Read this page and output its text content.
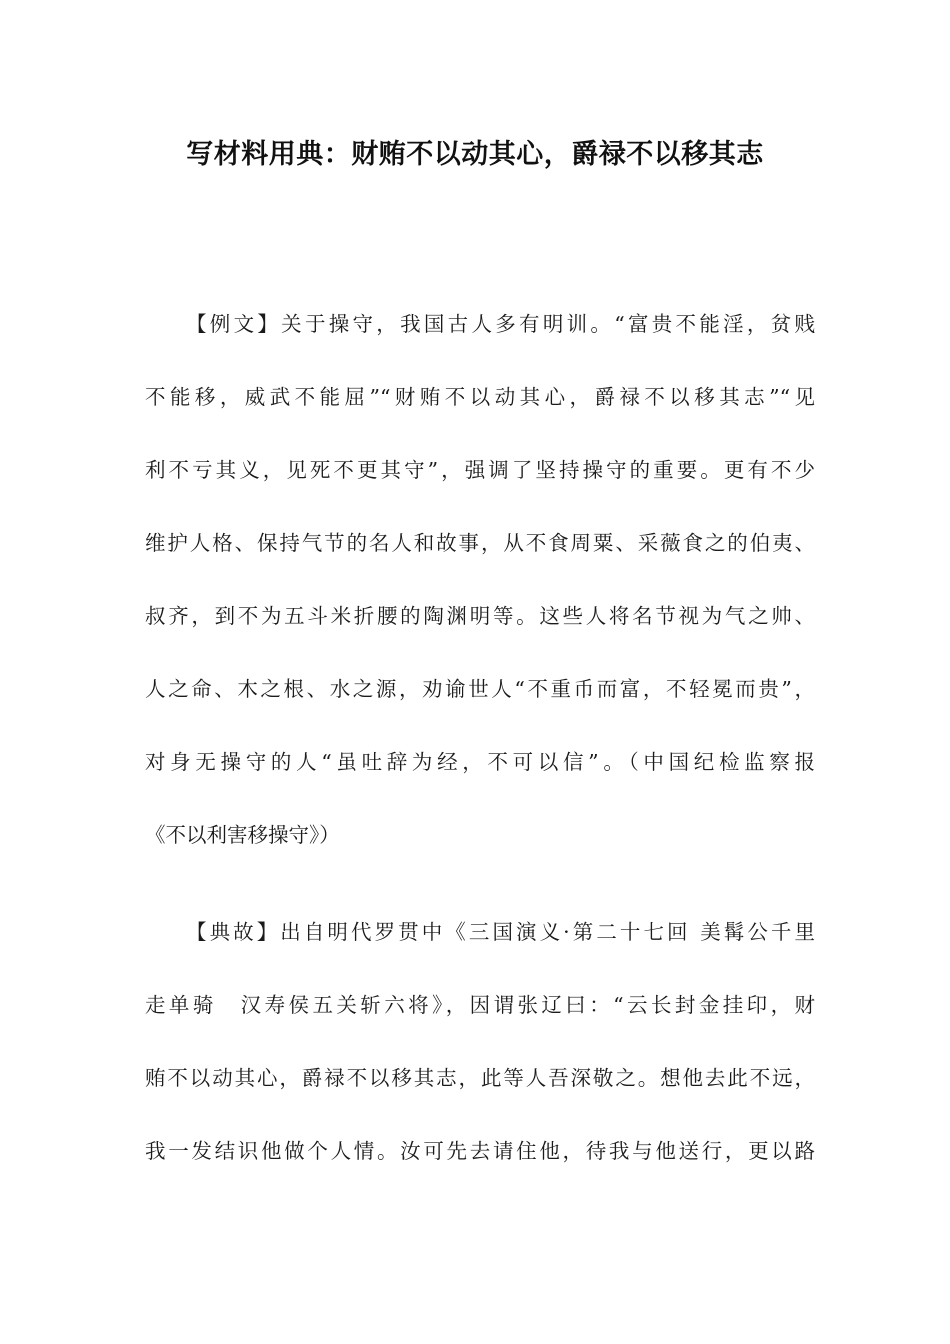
写材料用典：财贿不以动其心，爵禄不以移其志
【例文】关于操守，我国古人多有明训。“富贵不能淫，贫贱
不能移，威武不能屈”“财贿不以动其心，爵禄不以移其志”“见
利不亏其义，见死不更其守”，强调了坚持操守的重要。更有不少
维护人格、保持气节的名人和故事，从不食周粟、采薇食之的伯夷、
叔齐，到不为五斗米折腰的陶渊明等。这些人将名节视为气之帅、
人之命、木之根、水之源，劝谕世人“不重币而富，不轻冕而贵”，
对身无操守的人“虽吐辞为经，不可以信”。（中国纪检监察报
《不以利害移操守》）
【典故】出自明代罗贯中《三国演义·第二十七回 美髯公千里
走单骑　汉寿侯五关斩六将》，因谓张辽曰：“云长封金挂印，财
贿不以动其心，爵禄不以移其志，此等人吾深敬之。想他去此不远，
我一发结识他做个人情。汝可先去请住他，待我与他送行，更以路
